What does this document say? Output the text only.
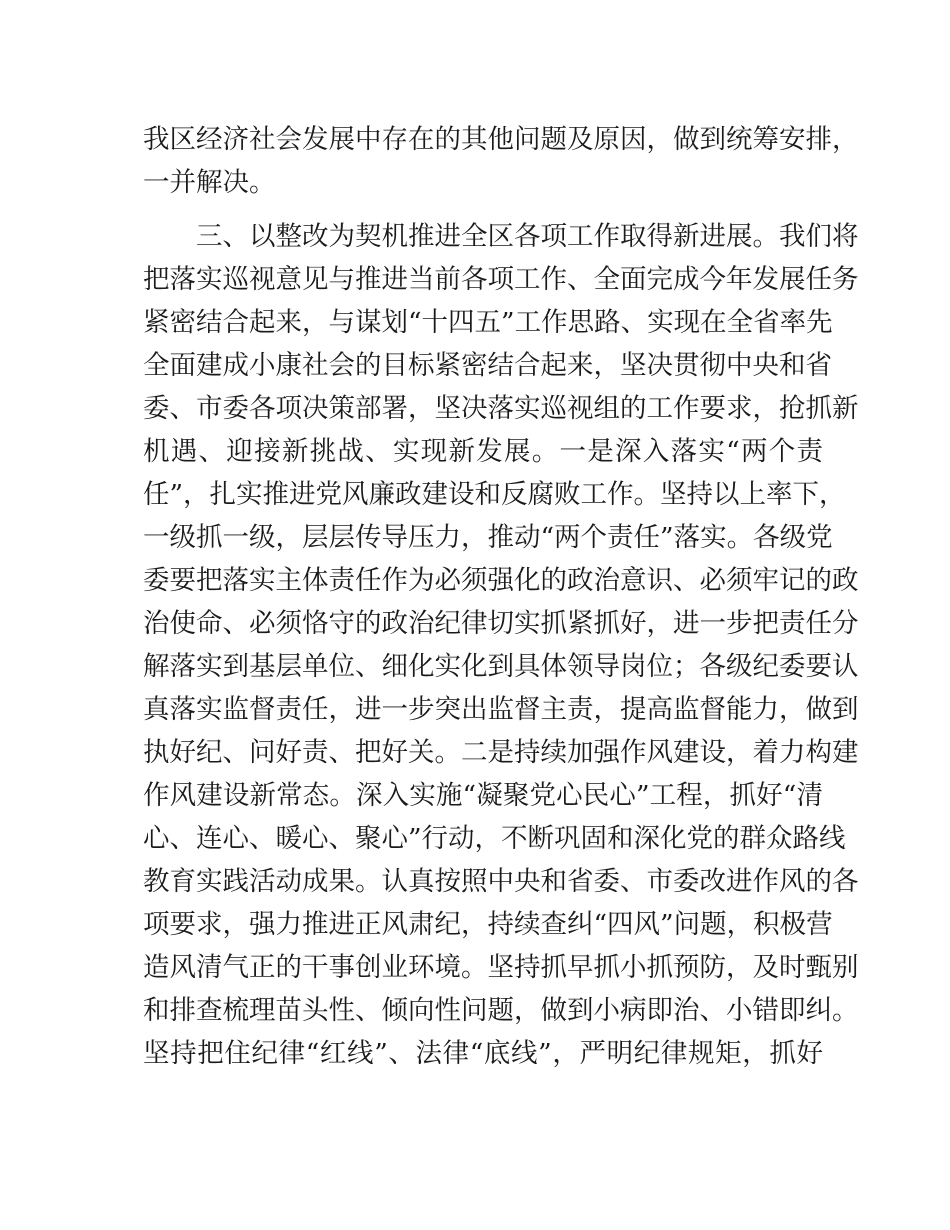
我区经济社会发展中存在的其他问题及原因，做到统筹安排，
一并解决。
三、以整改为契机推进全区各项工作取得新进展。我们将
把落实巡视意见与推进当前各项工作、全面完成今年发展任务
紧密结合起来，与谋划“十四五”工作思路、实现在全省率先
全面建成小康社会的目标紧密结合起来，坚决贯彻中央和省
委、市委各项决策部署，坚决落实巡视组的工作要求，抢抓新
机遇、迎接新挑战、实现新发展。一是深入落实“两个责
任”，扎实推进党风廉政建设和反腐败工作。坚持以上率下，
一级抓一级，层层传导压力，推动“两个责任”落实。各级党
委要把落实主体责任作为必须强化的政治意识、必须牢记的政
治使命、必须恪守的政治纪律切实抓紧抓好，进一步把责任分
解落实到基层单位、细化实化到具体领导岗位；各级纪委要认
真落实监督责任，进一步突出监督主责，提高监督能力，做到
执好纪、问好责、把好关。二是持续加强作风建设，着力构建
作风建设新常态。深入实施“凝聚党心民心”工程，抓好“清
心、连心、暖心、聚心”行动，不断巩固和深化党的群众路线
教育实践活动成果。认真按照中央和省委、市委改进作风的各
项要求，强力推进正风肃纪，持续查纠“四风”问题，积极营
造风清气正的干事创业环境。坚持抓早抓小抓预防，及时甄别
和排查梳理苗头性、倾向性问题，做到小病即治、小错即纠。
坚持把住纪律“红线”、法律“底线”，严明纪律规矩，抓好
